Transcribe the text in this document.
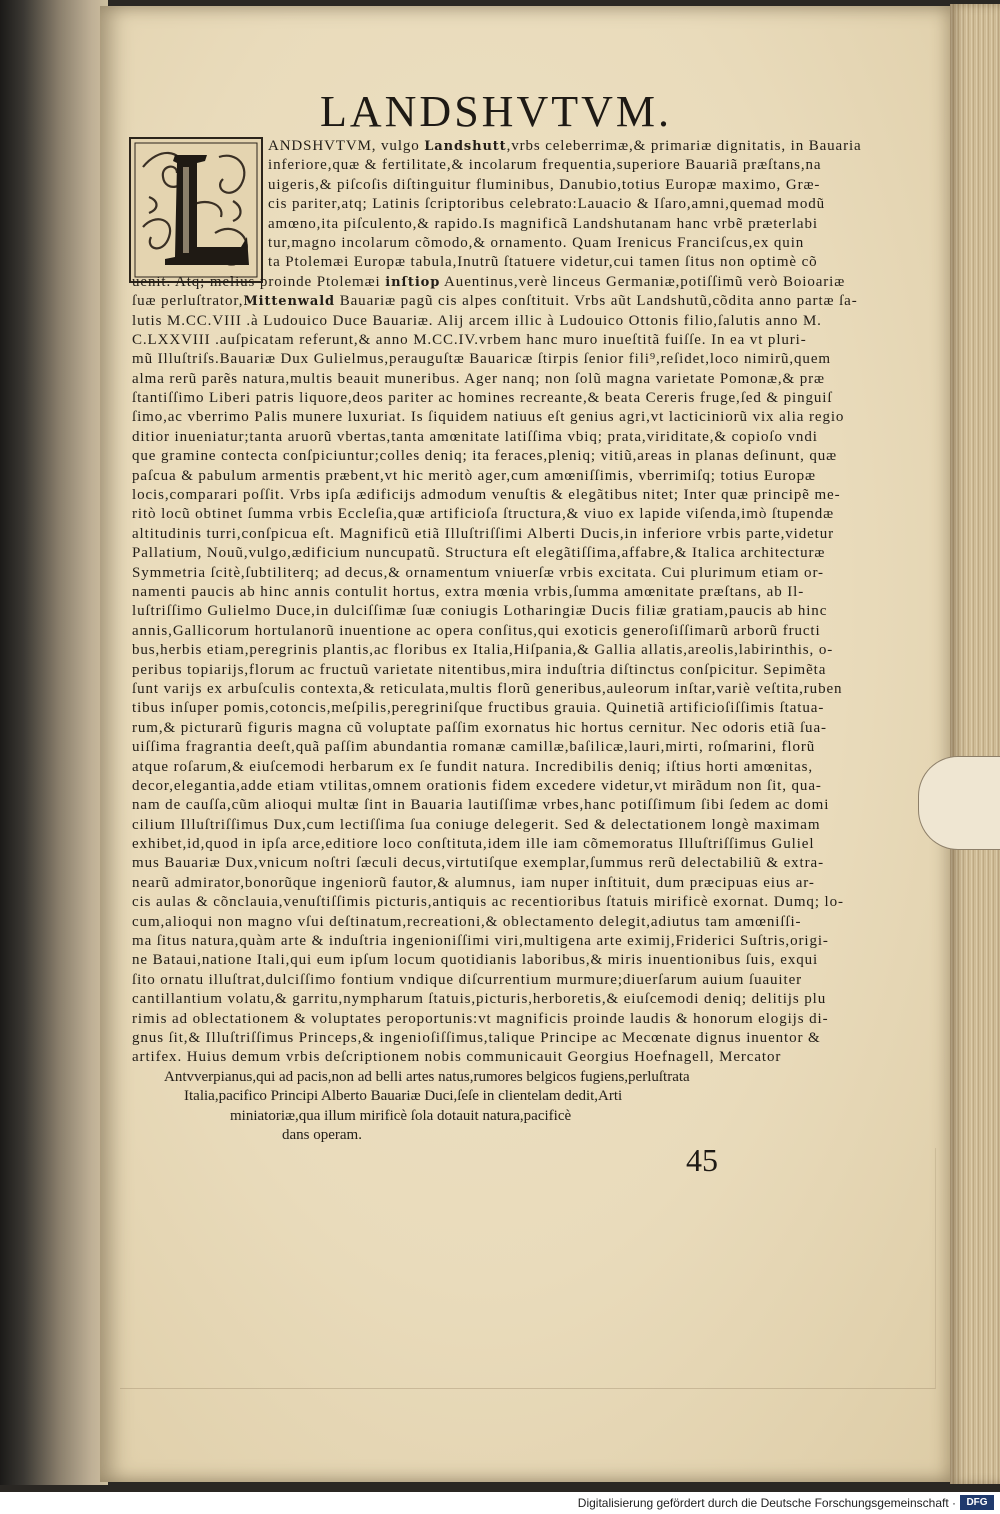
LANDSHVTVM.
ANDSHVTVM, vulgo Landshutt,vrbs celeberrimæ,& primariæ dignitatis, in Bauaria
inferiore,quæ & fertilitate,& incolarum frequentia,superiore Bauariã præſtans,na
uigeris,& piſcoſis diſtinguitur fluminibus, Danubio,totius Europæ maximo, Græ-
cis pariter,atq; Latinis ſcriptoribus celebrato:Lauacio & Iſaro,amni,quemad modũ
amœno,ita piſculento,& rapido.Is magnificã Landshutanam hanc vrbẽ præterlabi
tur,magno incolarum cõmodo,& ornamento. Quam Irenicus Franciſcus,ex quin
ta Ptolemæi Europæ tabula,Inutrũ ſtatuere videtur,cui tamen ſitus non optimè cõ
uenit. Atq; melius proinde Ptolemæi inſtiop Auentinus,verè linceus Germaniæ,potiſſimũ verò Boioariæ
ſuæ perluſtrator,Mittenwald Bauariæ pagũ cis alpes conſtituit. Vrbs aũt Landshutũ,cõdita anno partæ ſa-
lutis M.CC.VIII .à Ludouico Duce Bauariæ. Alij arcem illic à Ludouico Ottonis filio,ſalutis anno M.
C.LXXVIII .auſpicatam referunt,& anno M.CC.IV.vrbem hanc muro inueſtitã fuiſſe. In ea vt pluri-
mũ Illuſtriſs.Bauariæ Dux Gulielmus,perauguſtæ Bauaricæ ſtirpis ſenior fili⁹,reſidet,loco nimirũ,quem
alma rerũ parẽs natura,multis beauit muneribus. Ager nanq; non ſolũ magna varietate Pomonæ,& præ
ſtantiſſimo Liberi patris liquore,deos pariter ac homines recreante,& beata Cereris fruge,ſed & pinguiſ
ſimo,ac vberrimo Palis munere luxuriat. Is ſiquidem natiuus eſt genius agri,vt lacticiniorũ vix alia regio
ditior inueniatur;tanta aruorũ vbertas,tanta amœnitate latiſſima vbiq; prata,viriditate,& copioſo vndi
que gramine contecta conſpiciuntur;colles deniq; ita feraces,pleniq; vitiũ,areas in planas deſinunt, quæ
paſcua & pabulum armentis præbent,vt hic meritò ager,cum amœniſſimis, vberrimiſq; totius Europæ
locis,comparari poſſit. Vrbs ipſa ædificijs admodum venuſtis & elegãtibus nitet; Inter quæ principẽ me-
ritò locũ obtinet ſumma vrbis Eccleſia,quæ artificioſa ſtructura,& viuo ex lapide viſenda,imò ſtupendæ
altitudinis turri,conſpicua eſt. Magnificũ etiã Illuſtriſſimi Alberti Ducis,in inferiore vrbis parte,videtur
Pallatium, Nouũ,vulgo,ædificium nuncupatũ. Structura eſt elegãtiſſima,affabre,& Italica architecturæ
Symmetria ſcitè,ſubtiliterq; ad decus,& ornamentum vniuerſæ vrbis excitata. Cui plurimum etiam or-
namenti paucis ab hinc annis contulit hortus, extra mœnia vrbis,ſumma amœnitate præſtans, ab Il-
luſtriſſimo Gulielmo Duce,in dulciſſimæ ſuæ coniugis Lotharingiæ Ducis filiæ gratiam,paucis ab hinc
annis,Gallicorum hortulanorũ inuentione ac opera conſitus,qui exoticis generoſiſſimarũ arborũ fructi
bus,herbis etiam,peregrinis plantis,ac floribus ex Italia,Hiſpania,& Gallia allatis,areolis,labirinthis, o-
peribus topiarijs,florum ac fructuũ varietate nitentibus,mira induſtria diſtinctus conſpicitur. Sepimẽta
ſunt varijs ex arbuſculis contexta,& reticulata,multis florũ generibus,auleorum inſtar,variè veſtita,ruben
tibus inſuper pomis,cotoncis,meſpilis,peregriniſque fructibus grauia. Quinetiã artificioſiſſimis ſtatua-
rum,& picturarũ figuris magna cũ voluptate paſſim exornatus hic hortus cernitur. Nec odoris etiã ſua-
uiſſima fragrantia deeſt,quã paſſim abundantia romanæ camillæ,baſilicæ,lauri,mirti, roſmarini, florũ
atque roſarum,& eiuſcemodi herbarum ex ſe fundit natura. Incredibilis deniq; iſtius horti amœnitas,
decor,elegantia,adde etiam vtilitas,omnem orationis fidem excedere videtur,vt mirãdum non ſit, qua-
nam de cauſſa,cũm alioqui multæ ſint in Bauaria lautiſſimæ vrbes,hanc potiſſimum ſibi ſedem ac domi
cilium Illuſtriſſimus Dux,cum lectiſſima ſua coniuge delegerit. Sed & delectationem longè maximam
exhibet,id,quod in ipſa arce,editiore loco conſtituta,idem ille iam cõmemoratus Illuſtriſſimus Guliel
mus Bauariæ Dux,vnicum noſtri ſæculi decus,virtutiſque exemplar,ſummus rerũ delectabiliũ & extra-
nearũ admirator,bonorũque ingeniorũ fautor,& alumnus, iam nuper inſtituit, dum præcipuas eius ar-
cis aulas & cõnclauia,venuſtiſſimis picturis,antiquis ac recentioribus ſtatuis mirificè exornat. Dumq; lo-
cum,alioqui non magno vſui deſtinatum,recreationi,& oblectamento delegit,adiutus tam amœniſſi-
ma ſitus natura,quàm arte & induſtria ingenioniſſimi viri,multigena arte eximij,Friderici Suſtris,origi-
ne Bataui,natione Itali,qui eum ipſum locum quotidianis laboribus,& miris inuentionibus ſuis, exqui
ſito ornatu illuſtrat,dulciſſimo fontium vndique diſcurrentium murmure;diuerſarum auium ſuauiter
cantillantium volatu,& garritu,nympharum ſtatuis,picturis,herboretis,& eiuſcemodi deniq; delitijs plu
rimis ad oblectationem & voluptates peroportunis:vt magnificis proinde laudis & honorum elogijs di-
gnus ſit,& Illuſtriſſimus Princeps,& ingenioſiſſimus,talique Principe ac Mecœnate dignus inuentor &
artifex. Huius demum vrbis deſcriptionem nobis communicauit Georgius Hoefnagell, Mercator
Antvverpianus,qui ad pacis,non ad belli artes natus,rumores belgicos fugiens,perluſtrata
Italia,pacifico Principi Alberto Bauariæ Duci,ſeſe in clientelam dedit,Arti
miniatoriæ,qua illum mirificè ſola dotauit natura,pacificè
dans operam.
45
Digitalisierung gefördert durch die Deutsche Forschungsgemeinschaft ·	DFG
